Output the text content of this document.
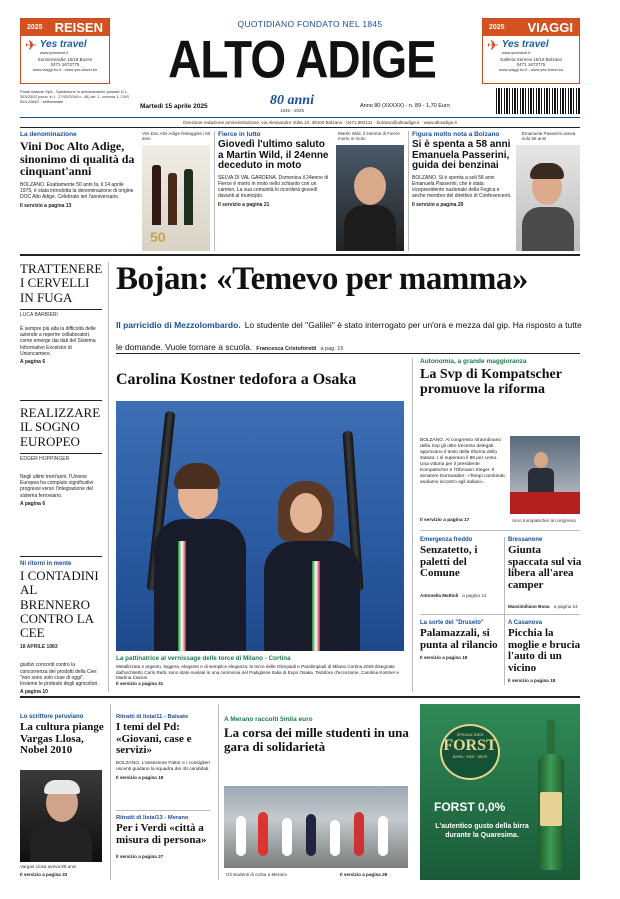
2025 REISEN
✈ Yes travel
www.yestravel.it
Sonnenstraße 15/18 Bozen
0471 1673775
www.viaggi.bz.it - www.yes-travel.eu
2025 VIAGGI
✈ Yes travel
www.yestravel.it
Galleria Sernesi 15/18 Bolzano
0471 1673775
www.viaggi.bz.it - www.yes-travel.eu
QUOTIDIANO FONDATO NEL 1845
ALTO ADIGE
Poste italiane SpA - Spedizione in abbonamento postale D.L. 353/2003 (conv. in L. 27/02/2004 n. 46) art. 1, comma 1, CNS BOLZANO - settimanale
Martedì 15 aprile 2025	80 anni
1945 - 2025
Anno 80 (XXXXX) - n. 89 - 1,70 Euro
Direzione redazione amministrazione: via Alessandro Volta 13, 39100 Bolzano · 0471.904111 · bolzano@altoadige.it · www.altoadige.it
La denominazione
Vini Doc Alto Adige, sinonimo di qualità da cinquant'anni
BOLZANO. Esattamente 50 anni fa, il 14 aprile 1975, è stata introdotta la denominazione di origine DOC Alto Adige. Celebrato ieri l'anniversario.
Il servizio a pagina 13
Vini Doc Alto Adige festeggiati i 50 anni
50
Fierce in lutto
Giovedì l'ultimo saluto a Martin Wild, il 24enne deceduto in moto
SELVA DI VAL GARDENA. Domenica il 24enne di Fierce è morto in moto nello schianto con un camion. La sua comunità lo ricorderà giovedì davanti al municipio.
Il servizio a pagina 21
Martin Wild, il 24enne di Fierce morto in moto
Figura molto nota a Bolzano
Si è spenta a 58 anni Emanuela Passerini, guida dei benzinai
BOLZANO. Si è spenta a soli 58 anni Emanuela Passerini, che è stata vicepresidente nazionale della Fegica e anche membro del direttivo di Confesercenti.
Il servizio a pagina 20
Emanuela Passerini aveva solo 58 anni
TRATTENERE I CERVELLI IN FUGA
LUCA BARBIERI
È sempre più alta la difficoltà delle aziende a reperire collaboratori, come emerge dai dati del Sistema Informativo Excelsior di Unioncamere.
A pagina 6
REALIZZARE IL SOGNO EUROPEO
EDGER HOPPINGER
Negli ultimi trent'anni, l'Unione Europea ha compiuto significativi progressi verso l'integrazione del sistema ferroviario.
A pagina 6
Ni ritorni in mente
I CONTADINI AL BRENNERO CONTRO LA CEE
18 APRILE 1983
giudizi concordi contro la concorrenza dei prodotti della Cee: "non sono solo cose di oggi". Insieme le proteste degli agricoltori.
A pagina 10
Bojan: «Temevo per mamma»
Il parricidio di Mezzolombardo. Lo studente del "Galilei" è stato interrogato per un'ora e mezza dal gip. Ha risposto a tutte le domande. Vuole tornare a scuola. Francesca Cristoforetti a pag. 15
Carolina Kostner tedofora a Osaka
La pattinatrice al vernissage delle torce di Milano - Cortina
Metallizzata e argento, leggera, elegante e di semplice eleganza: le torce delle Olimpiadi e Paralimpiadi di Milano Cortina 2026 disegnate dall'architetto Carlo Ratti, sono state svelate in una cerimonia nel Padiglione Italia di Expo Osaka. Tedofore d'eccezione, Carolina Kostner e Martina Caironi
Il servizio a pagina 31
Autonomia, a grande maggioranza
La Svp di Kompatscher promuove la riforma
BOLZANO. Al congresso straordinario della Svp gli oltre trecento delegati approvano il testo della riforma dello statuto. I sì superano il 98 per cento. Una vittoria per il presidente Kompatscher e l'Obmann Steger. Il senatore Durnwalder: «Tempi combinati, andiamo incontro agli italiani».
Il servizio a pagina 17	Arno Kompatscher al congresso
Emergenza freddo
Senzatetto, i paletti del Comune
Antonella Mattioli a pagina 14
Bressanone
Giunta spaccata sul via libera all'area camper
Massimiliano Bona a pagina 24
La sorte del "Druseto"
Palamazzali, si punta al rilancio
Il servizio a pagina 18
A Casanova
Picchia la moglie e brucia l'auto di un vicino
Il servizio a pagina 18
Lo scrittore peruviano
La cultura piange Vargas Llosa, Nobel 2010
Vargas Llosa aveva 89 anni
Il servizio a pagina 33
Ritratti di lista/11 - Balsate
I temi del Pd: «Giovani, case e servizi»
BOLZANO. L'assessore Fattor e i consiglieri uscenti guidano la squadra dei 48 candidati.
Il servizio a pagina 18
Ritratti di lista/13 - Merano
Per i Verdi «città a misura di persona»
Il servizio a pagina 27
A Merano raccolti 5mila euro
La corsa dei mille studenti in una gara di solidarietà
Gli studenti di corsa a Merano	Il servizio a pagina 28
SPEZIAL BIER
FORST
BIRRA · BIER · BEER
FORST 0,0%
L'autentico gusto della birra durante la Quaresima.
